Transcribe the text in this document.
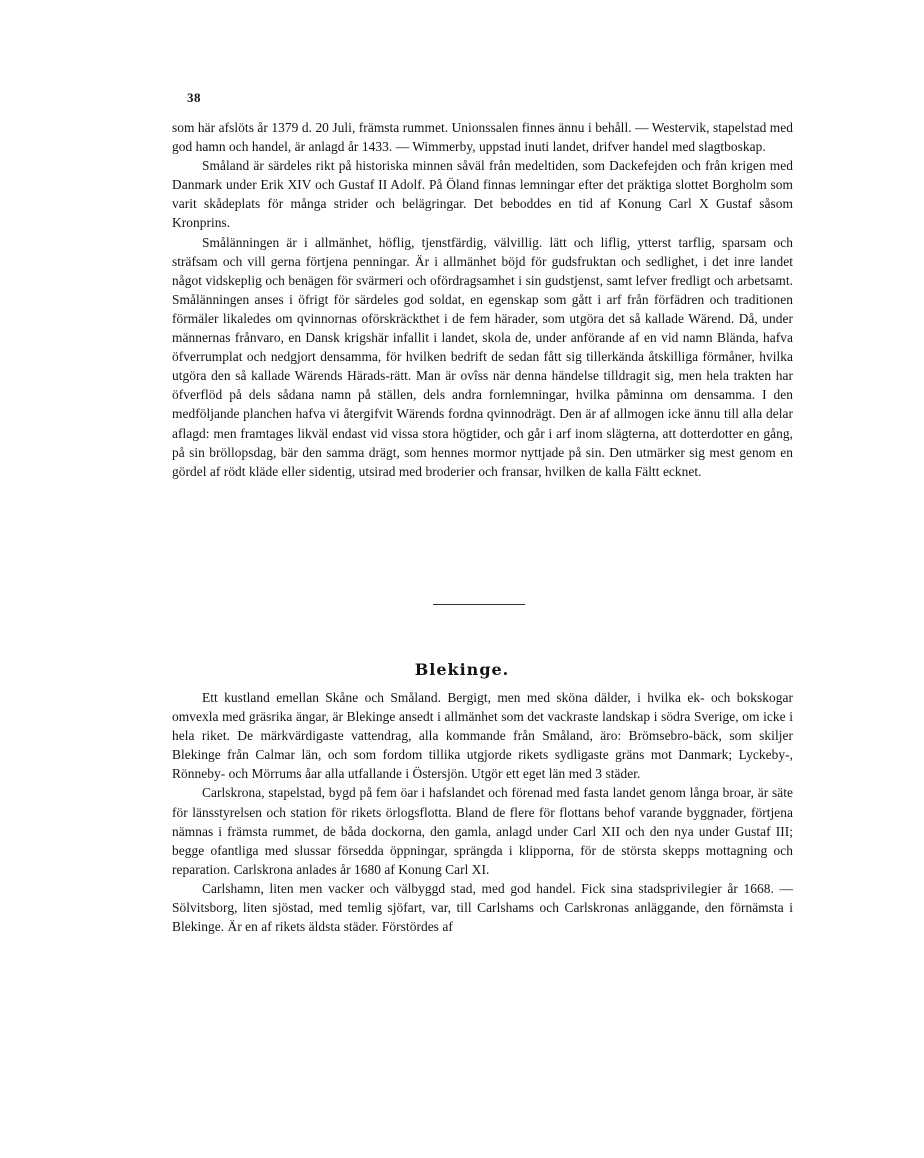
38

som här afslöts år 1379 d. 20 Juli, främsta rummet. Unionssalen finnes ännu i behåll. — Westervik, stapelstad med god hamn och handel, är anlagd år 1433. — Wimmerby, uppstad inuti landet, drifver handel med slagtboskap.

Småland är särdeles rikt på historiska minnen såväl från medeltiden, som Dackefejden och från krigen med Danmark under Erik XIV och Gustaf II Adolf. På Öland finnas lemningar efter det präktiga slottet Borgholm som varit skådeplats för många strider och belägringar. Det beboddes en tid af Konung Carl X Gustaf såsom Kronprins.

Smålänningen är i allmänhet, höflig, tjenstfärdig, välvillig. lätt och liflig, ytterst tarflig, sparsam och sträfsam och vill gerna förtjena penningar. Är i allmänhet böjd för gudsfruktan och sedlighet, i det inre landet något vidskeplig och benägen för svärmeri och ofördragsamhet i sin gudstjenst, samt lefver fredligt och arbetsamt. Smålänningen anses i öfrigt för särdeles god soldat, en egenskap som gått i arf från förfädren och traditionen förmäler likaledes om qvinnornas oförskräckthet i de fem härader, som utgöra det så kallade Wärend. Då, under männernas frånvaro, en Dansk krigshär infallit i landet, skola de, under anförande af en vid namn Blända, hafva öfverrumplat och nedgjort densamma, för hvilken bedrift de sedan fått sig tillerkända åtskilliga förmåner, hvilka utgöra den så kallade Wärends Härads-rätt. Man är ovîss när denna händelse tilldragit sig, men hela trakten har öfverflöd på dels sådana namn på ställen, dels andra fornlemningar, hvilka påminna om densamma. I den medföljande planchen hafva vi återgifvit Wärends fordna qvinnodrägt. Den är af allmogen icke ännu till alla delar aflagd: men framtages likväl endast vid vissa stora högtider, och går i arf inom slägterna, att dotterdotter en gång, på sin bröllopsdag, bär den samma drägt, som hennes mormor nyttjade på sin. Den utmärker sig mest genom en gördel af rödt kläde eller sidentig, utsirad med broderier och fransar, hvilken de kalla Fältt ecknet.

Blekinge.

Ett kustland emellan Skåne och Småland. Bergigt, men med sköna dälder, i hvilka ek- och bokskogar omvexla med gräsrika ängar, är Blekinge ansedt i allmänhet som det vackraste landskap i södra Sverige, om icke i hela riket. De märkvärdigaste vattendrag, alla kommande från Småland, äro: Brömsebro-bäck, som skiljer Blekinge från Calmar län, och som fordom tillika utgjorde rikets sydligaste gräns mot Danmark; Lyckeby-, Rönneby- och Mörrums åar alla utfallande i Östersjön. Utgör ett eget län med 3 städer.

Carlskrona, stapelstad, bygd på fem öar i hafslandet och förenad med fasta landet genom långa broar, är säte för länsstyrelsen och station för rikets örlogsflotta. Bland de flere för flottans behof varande byggnader, förtjena nämnas i främsta rummet, de båda dockorna, den gamla, anlagd under Carl XII och den nya under Gustaf III; begge ofantliga med slussar försedda öppningar, sprängda i klipporna, för de största skepps mottagning och reparation. Carlskrona anlades år 1680 af Konung Carl XI.

Carlshamn, liten men vacker och välbyggd stad, med god handel. Fick sina stadsprivilegier år 1668. — Sölvitsborg, liten sjöstad, med temlig sjöfart, var, till Carlshams och Carlskronas anläggande, den förnämsta i Blekinge. Är en af rikets äldsta städer. Förstördes af
